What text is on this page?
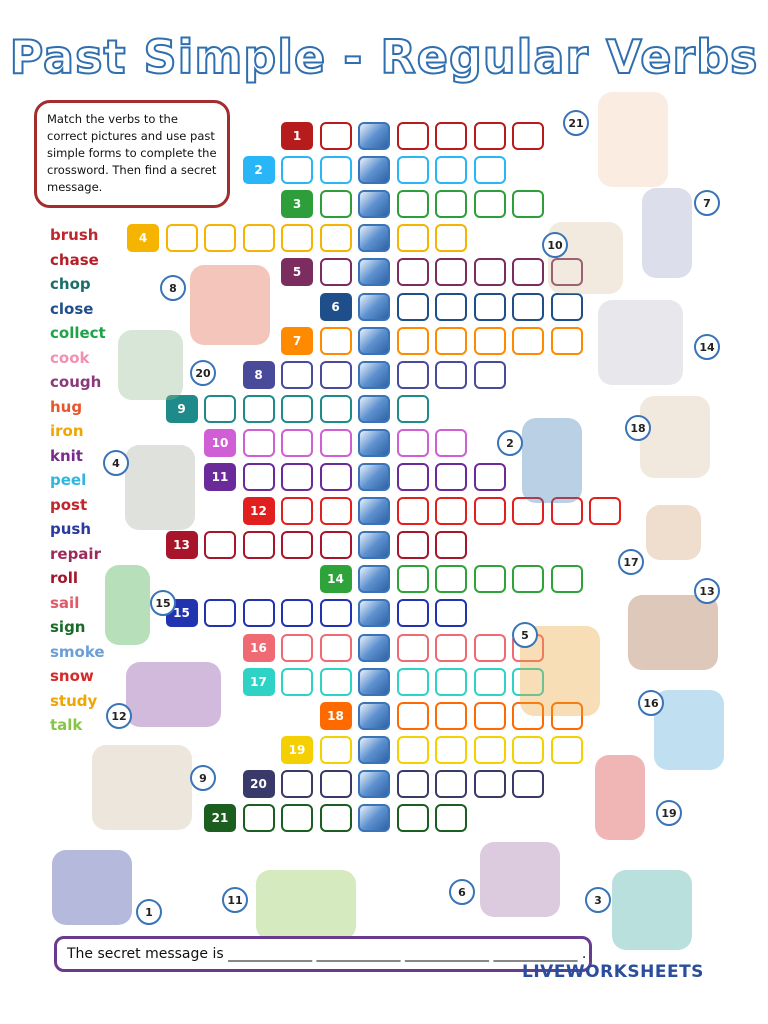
Past Simple - Regular Verbs
Match the verbs to the correct pictures and use past simple forms to complete the crossword. Then find a secret message.
brush
chase
chop
close
collect
cook
cough
hug
iron
knit
peel
post
push
repair
roll
sail
sign
smoke
snow
study
talk
1
2
3
4
5
6
7
8
9
10
11
12
13
14
15
16
17
18
19
20
21
21
7
10
8
14
20
18
2
4
17
13
15
5
16
12
9
19
6
3
11
1
The secret message is ____________ ____________ ____________ ____________ .
LIVEWORKSHEETS
